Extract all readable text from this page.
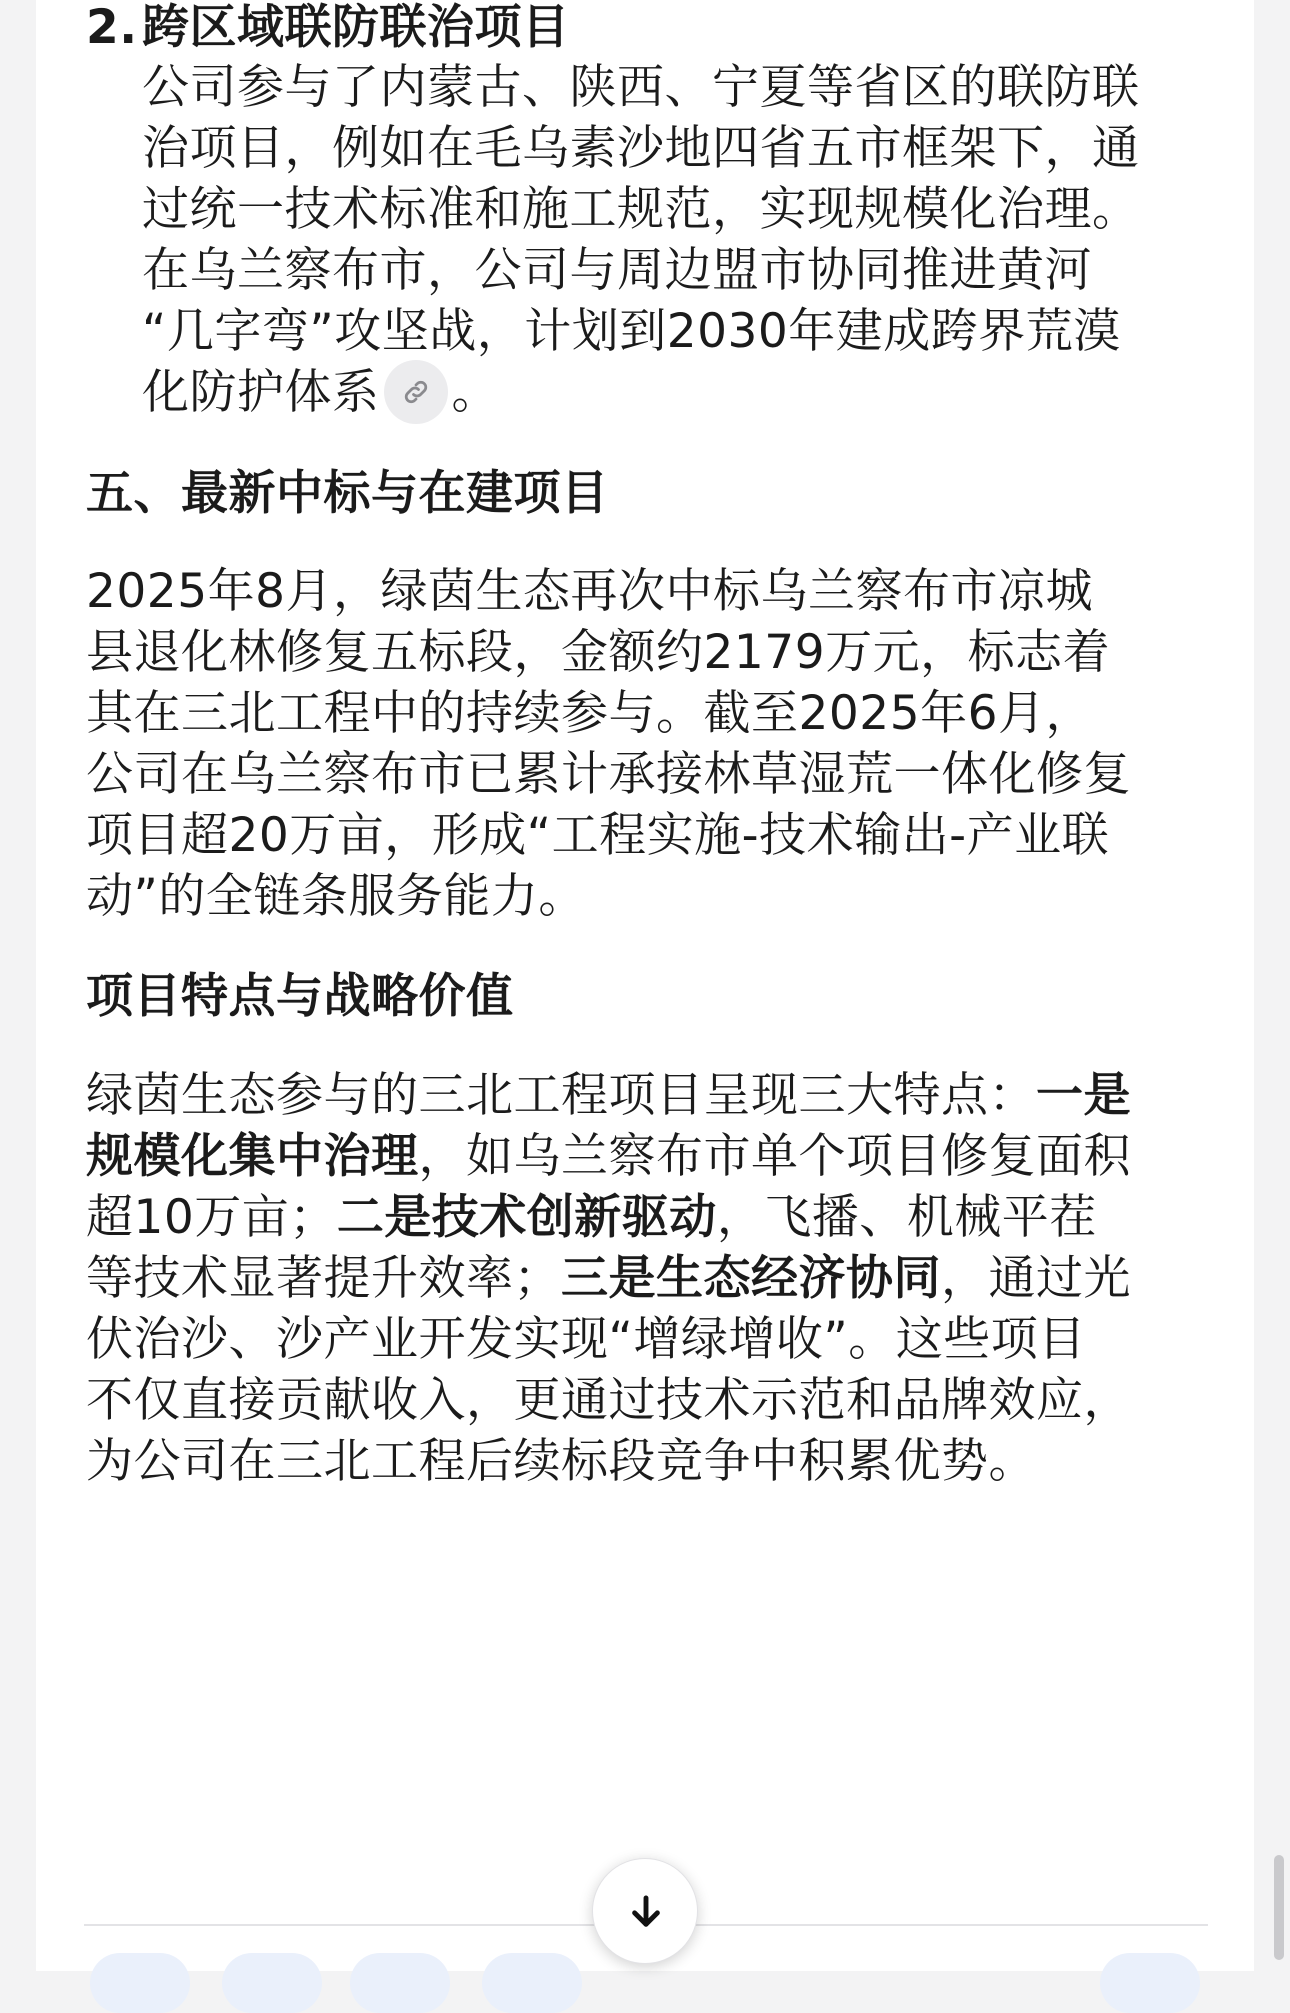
2.跨区域联防联治项目
公司参与了内蒙古、陕西、宁夏等省区的联防联
治项目，例如在毛乌素沙地四省五市框架下，通
过统一技术标准和施工规范，实现规模化治理。
在乌兰察布市，公司与周边盟市协同推进黄河
“几字弯”攻坚战，计划到2030年建成跨界荒漠
化防护体系 。
五、最新中标与在建项目
2025年8月，绿茵生态再次中标乌兰察布市凉城
县退化林修复五标段，金额约2179万元，标志着
其在三北工程中的持续参与。截至2025年6月，
公司在乌兰察布市已累计承接林草湿荒一体化修复
项目超20万亩，形成“工程实施-技术输出-产业联
动”的全链条服务能力。
项目特点与战略价值
绿茵生态参与的三北工程项目呈现三大特点：一是
规模化集中治理，如乌兰察布市单个项目修复面积
超10万亩；二是技术创新驱动，飞播、机械平茬
等技术显著提升效率；三是生态经济协同，通过光
伏治沙、沙产业开发实现“增绿增收”。这些项目
不仅直接贡献收入，更通过技术示范和品牌效应，
为公司在三北工程后续标段竞争中积累优势。
